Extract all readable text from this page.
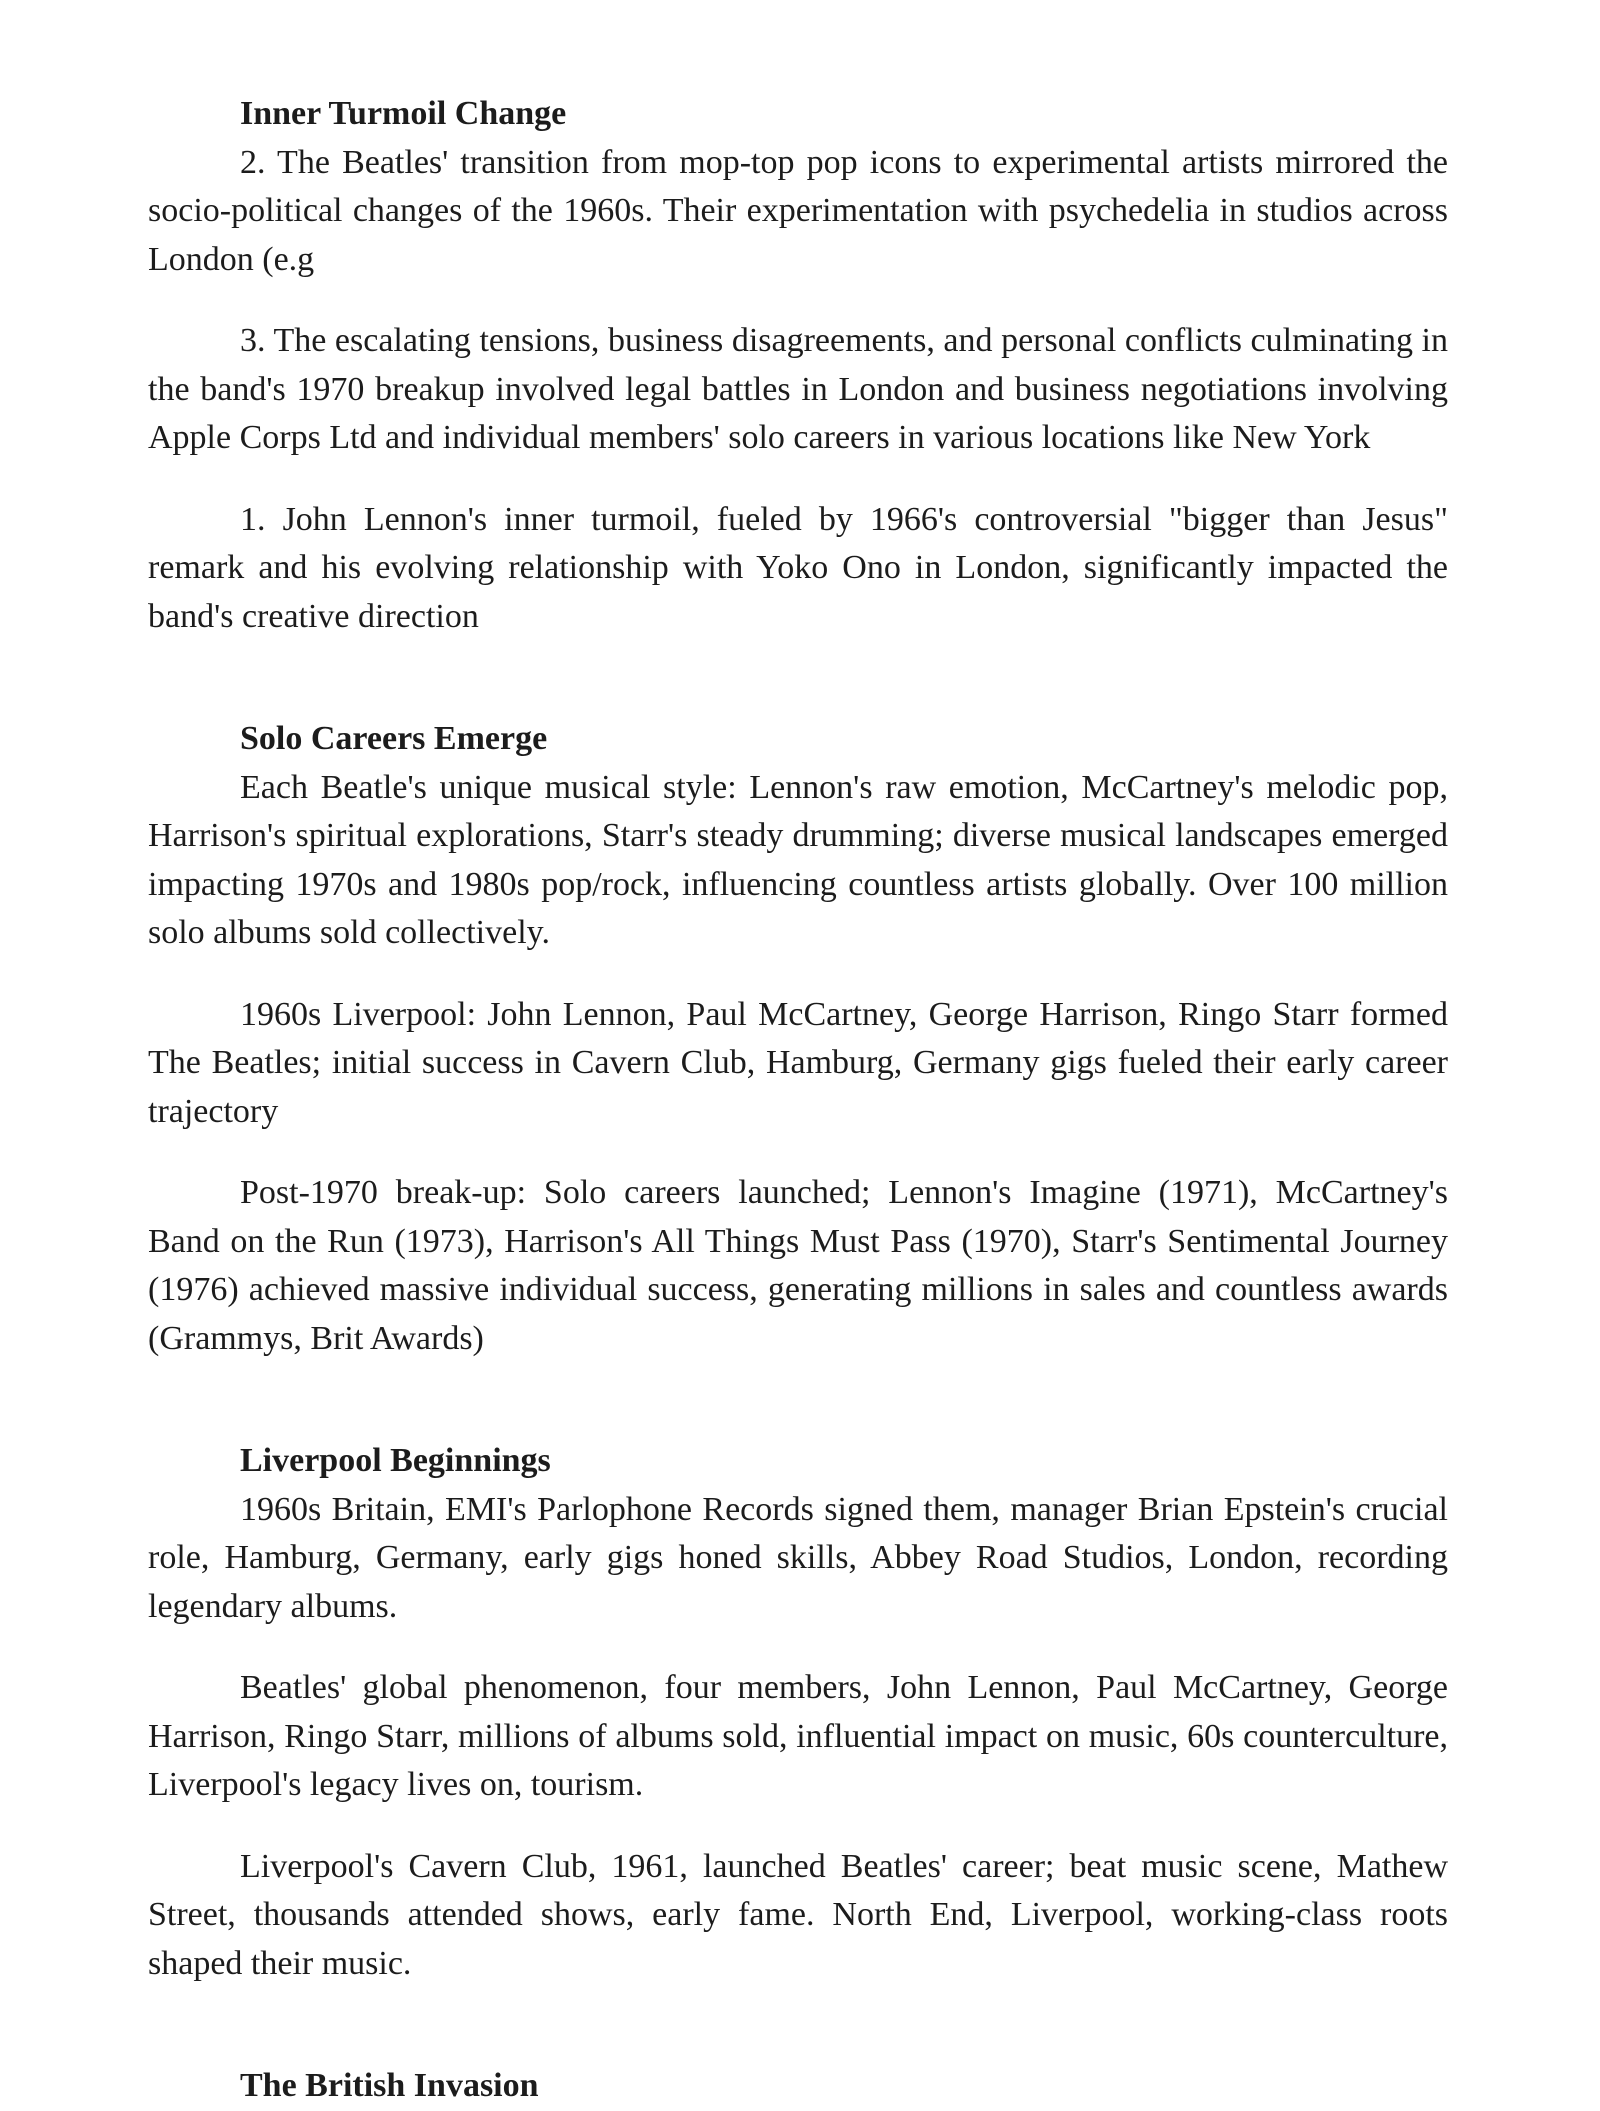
Inner Turmoil Change

2. The Beatles' transition from mop-top pop icons to experimental artists mirrored the socio-political changes of the 1960s. Their experimentation with psychedelia in studios across London (e.g

3. The escalating tensions, business disagreements, and personal conflicts culminating in the band's 1970 breakup involved legal battles in London and business negotiations involving Apple Corps Ltd and individual members' solo careers in various locations like New York

1. John Lennon's inner turmoil, fueled by 1966's controversial "bigger than Jesus" remark and his evolving relationship with Yoko Ono in London, significantly impacted the band's creative direction

Solo Careers Emerge

Each Beatle's unique musical style: Lennon's raw emotion, McCartney's melodic pop, Harrison's spiritual explorations, Starr's steady drumming; diverse musical landscapes emerged impacting 1970s and 1980s pop/rock, influencing countless artists globally. Over 100 million solo albums sold collectively.

1960s Liverpool: John Lennon, Paul McCartney, George Harrison, Ringo Starr formed The Beatles; initial success in Cavern Club, Hamburg, Germany gigs fueled their early career trajectory

Post-1970 break-up: Solo careers launched; Lennon's Imagine (1971), McCartney's Band on the Run (1973), Harrison's All Things Must Pass (1970), Starr's Sentimental Journey (1976) achieved massive individual success, generating millions in sales and countless awards (Grammys, Brit Awards)

Liverpool Beginnings

1960s Britain, EMI's Parlophone Records signed them, manager Brian Epstein's crucial role, Hamburg, Germany, early gigs honed skills, Abbey Road Studios, London, recording legendary albums.

Beatles' global phenomenon, four members, John Lennon, Paul McCartney, George Harrison, Ringo Starr, millions of albums sold, influential impact on music, 60s counterculture, Liverpool's legacy lives on, tourism.

Liverpool's Cavern Club, 1961, launched Beatles' career; beat music scene, Mathew Street, thousands attended shows, early fame. North End, Liverpool, working-class roots shaped their music.

The British Invasion
